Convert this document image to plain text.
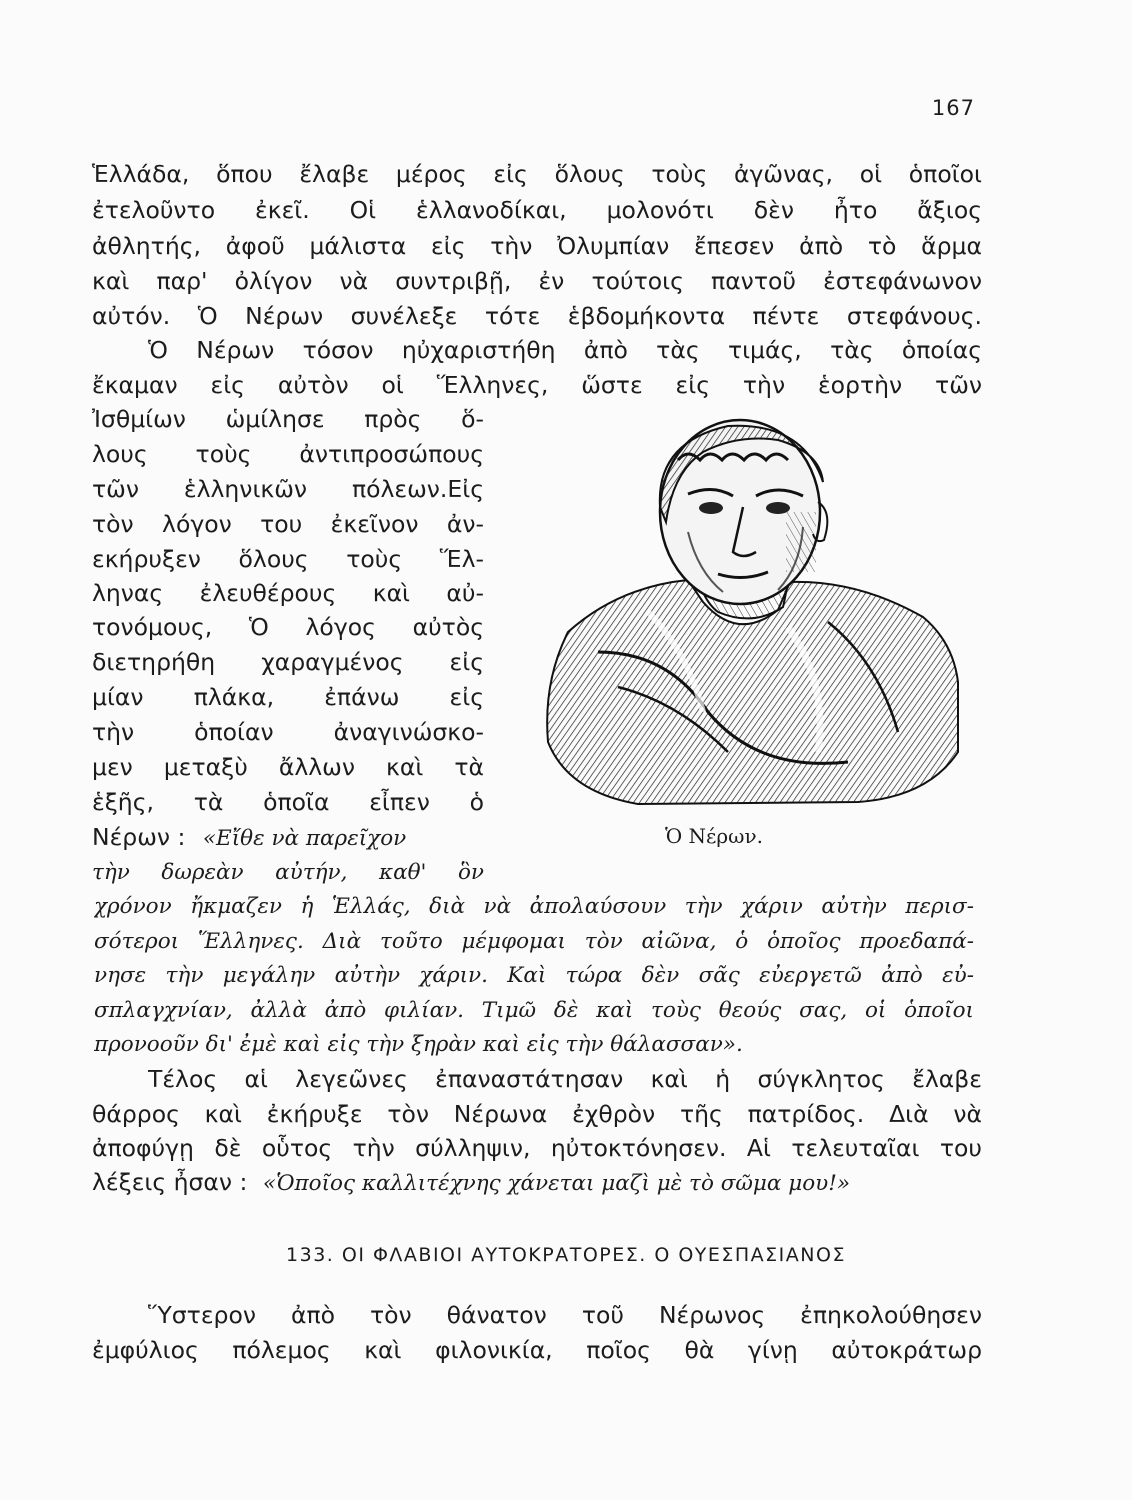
167
Ἑλλάδα, ὅπου ἔλαβε μέρος εἰς ὅλους τοὺς ἀγῶνας, οἱ ὁποῖοι
ἐτελοῦντο ἐκεῖ. Οἱ ἑλλανοδίκαι, μολονότι δὲν ἦτο ἄξιος
ἀθλητής, ἀφοῦ μάλιστα εἰς τὴν Ὀλυμπίαν ἔπεσεν ἀπὸ τὸ ἅρμα
καὶ παρ' ὀλίγον νὰ συντριβῇ, ἐν τούτοις παντοῦ ἐστεφάνωνον
αὐτόν. Ὁ Νέρων συνέλεξε τότε ἑβδομήκοντα πέντε στεφάνους.
Ὁ Νέρων τόσον ηὐχαριστήθη ἀπὸ τὰς τιμάς, τὰς ὁποίας
ἔκαμαν εἰς αὐτὸν οἱ Ἕλληνες, ὥστε εἰς τὴν ἑορτὴν τῶν
Ἰσθμίων ὡμίλησε πρὸς ὅ-
λους τοὺς ἀντιπροσώπους
τῶν ἑλληνικῶν πόλεων.Εἰς
τὸν λόγον του ἐκεῖνον ἀν-
εκήρυξεν ὅλους τοὺς Ἕλ-
ληνας ἐλευθέρους καὶ αὐ-
τονόμους, Ὁ λόγος αὐτὸς
διετηρήθη χαραγμένος εἰς
μίαν πλάκα, ἐπάνω εἰς
τὴν ὁποίαν ἀναγινώσκο-
μεν μεταξὺ ἄλλων καὶ τὰ
ἑξῆς, τὰ ὁποῖα εἶπεν ὁ
Νέρων : «Εἴθε νὰ παρεῖχον
τὴν δωρεὰν αὐτήν, καθ' ὃν
χρόνον ἤκμαζεν ἡ Ἑλλάς, διὰ νὰ ἀπολαύσουν τὴν χάριν αὐτὴν περισ-
σότεροι Ἕλληνες. Διὰ τοῦτο μέμφομαι τὸν αἰῶνα, ὁ ὁποῖος προεδαπά-
νησε τὴν μεγάλην αὐτὴν χάριν. Καὶ τώρα δὲν σᾶς εὐεργετῶ ἀπὸ εὐ-
σπλαγχνίαν, ἀλλὰ ἀπὸ φιλίαν. Τιμῶ δὲ καὶ τοὺς θεούς σας, οἱ ὁποῖοι
προνοοῦν δι' ἐμὲ καὶ εἰς τὴν ξηρὰν καὶ εἰς τὴν θάλασσαν».
Τέλος αἱ λεγεῶνες ἐπαναστάτησαν καὶ ἡ σύγκλητος ἔλαβε
θάρρος καὶ ἐκήρυξε τὸν Νέρωνα ἐχθρὸν τῆς πατρίδος. Διὰ νὰ
ἀποφύγῃ δὲ οὗτος τὴν σύλληψιν, ηὐτοκτόνησεν. Αἱ τελευταῖαι του
λέξεις ἦσαν : «Ὁποῖος καλλιτέχνης χάνεται μαζὶ μὲ τὸ σῶμα μου!»
Ὁ Νέρων.
133. ΟΙ ΦΛΑΒΙΟΙ ΑΥΤΟΚΡΑΤΟΡΕΣ. Ο ΟΥΕΣΠΑΣΙΑΝΟΣ
Ὕστερον ἀπὸ τὸν θάνατον τοῦ Νέρωνος ἐπηκολούθησεν
ἐμφύλιος πόλεμος καὶ φιλονικία, ποῖος θὰ γίνῃ αὐτοκράτωρ
